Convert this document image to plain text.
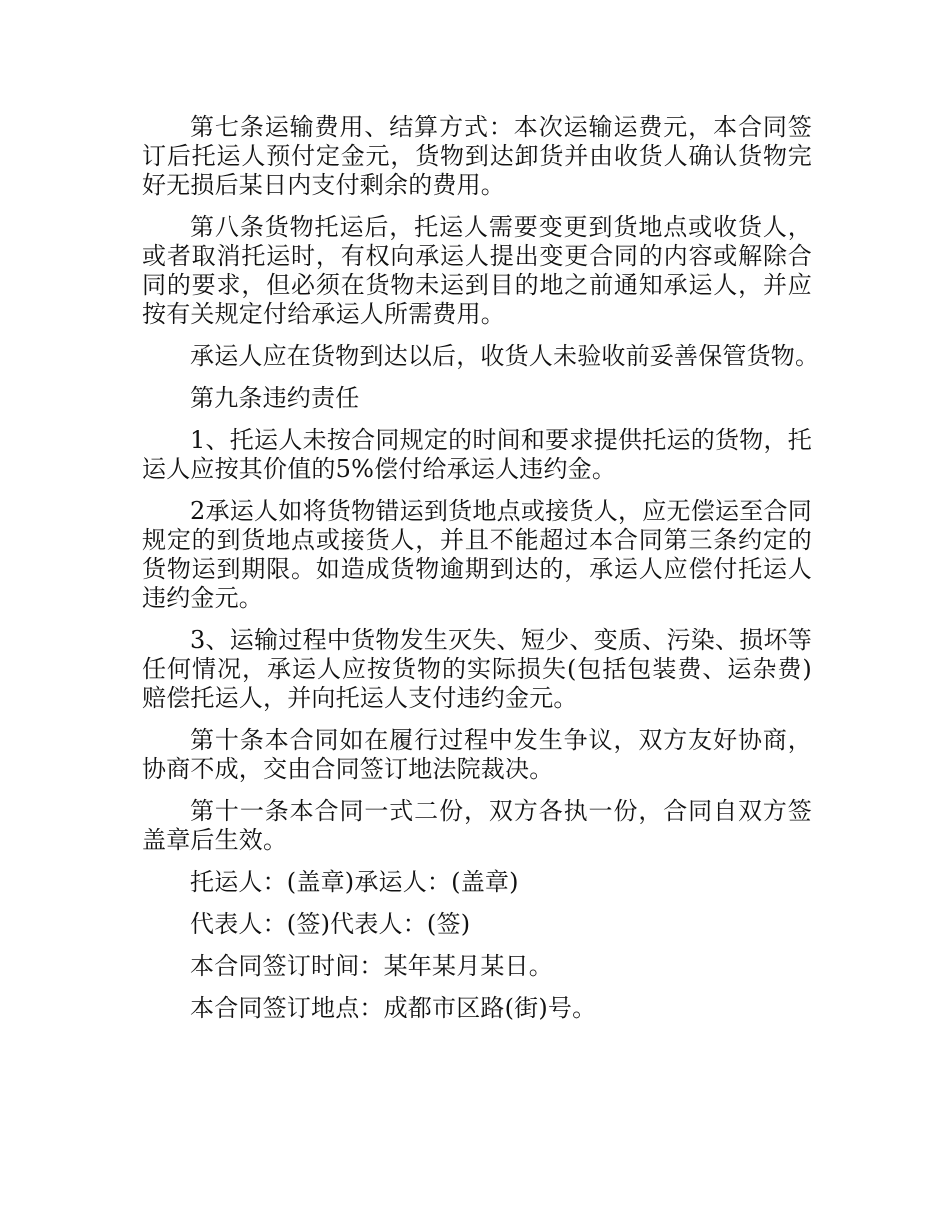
第七条运输费用、结算方式：本次运输运费元，本合同签订后托运人预付定金元，货物到达卸货并由收货人确认货物完好无损后某日内支付剩余的费用。

第八条货物托运后，托运人需要变更到货地点或收货人，或者取消托运时，有权向承运人提出变更合同的内容或解除合同的要求，但必须在货物未运到目的地之前通知承运人，并应按有关规定付给承运人所需费用。

承运人应在货物到达以后，收货人未验收前妥善保管货物。

第九条违约责任

1、托运人未按合同规定的时间和要求提供托运的货物，托运人应按其价值的5%偿付给承运人违约金。

2承运人如将货物错运到货地点或接货人，应无偿运至合同规定的到货地点或接货人，并且不能超过本合同第三条约定的货物运到期限。如造成货物逾期到达的，承运人应偿付托运人违约金元。

3、运输过程中货物发生灭失、短少、变质、污染、损坏等任何情况，承运人应按货物的实际损失(包括包装费、运杂费)赔偿托运人，并向托运人支付违约金元。

第十条本合同如在履行过程中发生争议，双方友好协商，协商不成，交由合同签订地法院裁决。

第十一条本合同一式二份，双方各执一份，合同自双方签盖章后生效。

托运人：(盖章)承运人：(盖章)

代表人：(签)代表人：(签)

本合同签订时间：某年某月某日。

本合同签订地点：成都市区路(街)号。
